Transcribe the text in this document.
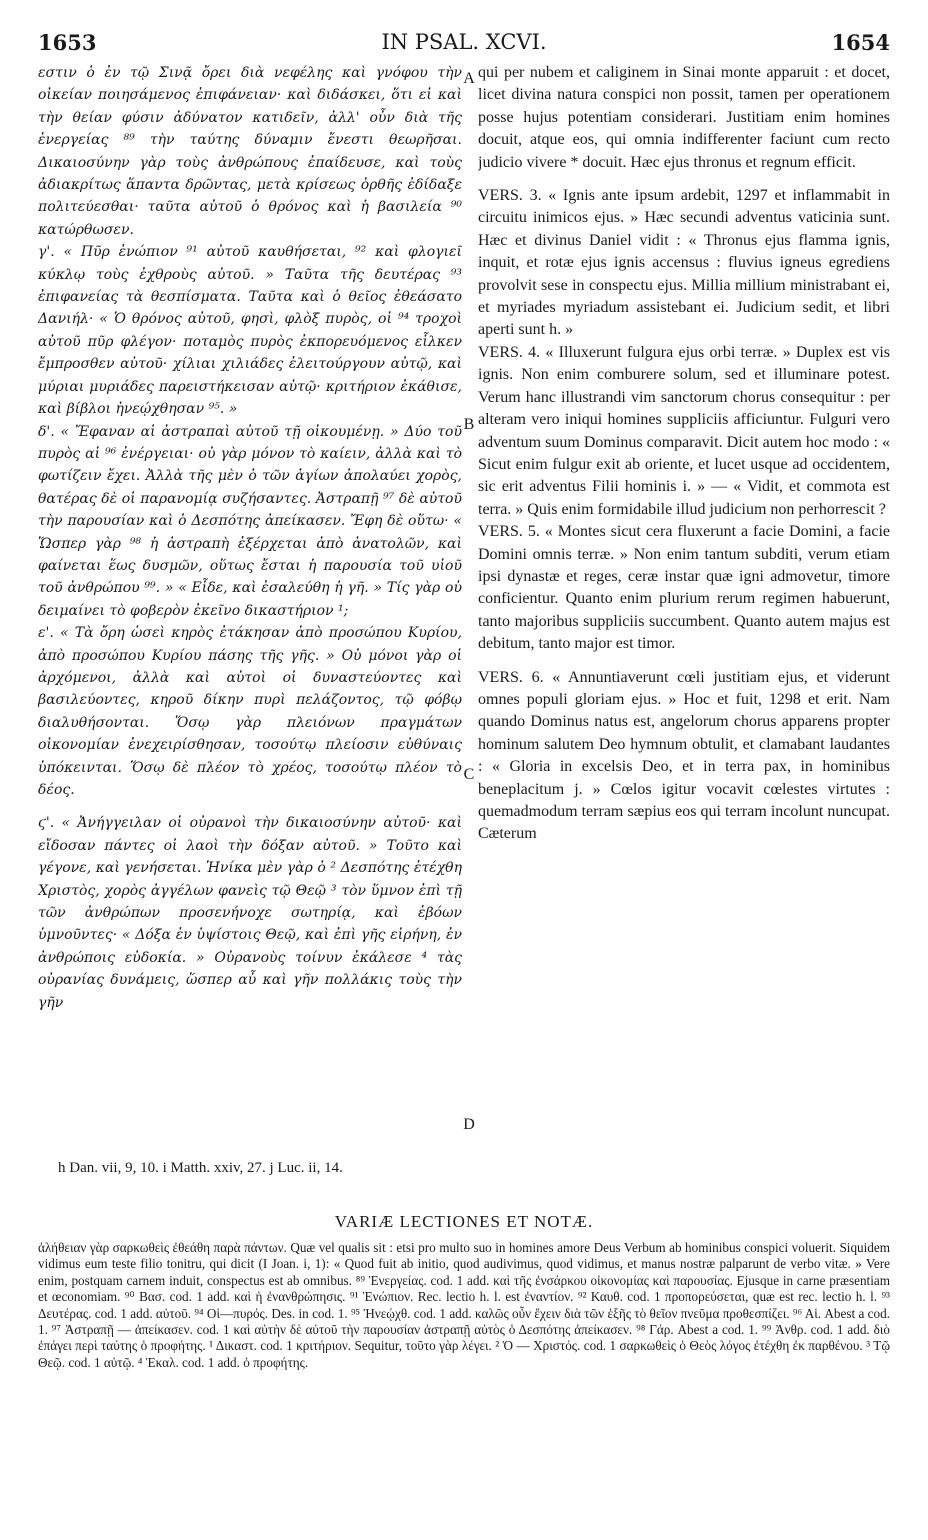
1653	IN PSAL. XCVI.	1654

εστιν ὁ ἐν τῷ Σινᾷ ὄρει διὰ νεφέλης καὶ γνόφου τὴν οἰκείαν ποιησάμενος ἐπιφάνειαν· καὶ διδάσκει, ὅτι εἰ καὶ τὴν θείαν φύσιν ἀδύνατον κατιδεῖν, ἀλλ' οὖν διὰ τῆς ἐνεργείας ⁸⁹ τὴν ταύτης δύναμιν ἔνεστι θεωρῆσαι. Δικαιοσύνην γὰρ τοὺς ἀνθρώπους ἐπαίδευσε, καὶ τοὺς ἀδιακρίτως ἅπαντα δρῶντας, μετὰ κρίσεως ὀρθῆς ἐδίδαξε πολιτεύεσθαι· ταῦτα αὐτοῦ ὁ θρόνος καὶ ἡ βασιλεία ⁹⁰ κατώρθωσεν.

γ'. « Πῦρ ἐνώπιον ⁹¹ αὐτοῦ καυθήσεται, ⁹² καὶ φλογιεῖ κύκλῳ τοὺς ἐχθροὺς αὐτοῦ. » Ταῦτα τῆς δευτέρας ⁹³ ἐπιφανείας τὰ θεσπίσματα. Ταῦτα καὶ ὁ θεῖος ἐθεάσατο Δανιήλ· « Ὁ θρόνος αὐτοῦ, φησὶ, φλὸξ πυρὸς, οἱ ⁹⁴ τροχοὶ αὐτοῦ πῦρ φλέγον· ποταμὸς πυρὸς ἐκπορευόμενος εἷλκεν ἔμπροσθεν αὐτοῦ· χίλιαι χιλιάδες ἐλειτούργουν αὐτῷ, καὶ μύριαι μυριάδες παρειστήκεισαν αὐτῷ· κριτήριον ἐκάθισε, καὶ βίβλοι ἠνεῴχθησαν ⁹⁵. »

δ'. « Ἔφαναν αἱ ἀστραπαὶ αὐτοῦ τῇ οἰκουμένῃ. » Δύο τοῦ πυρὸς αἱ ⁹⁶ ἐνέργειαι· οὐ γὰρ μόνον τὸ καίειν, ἀλλὰ καὶ τὸ φωτίζειν ἔχει. Ἀλλὰ τῆς μὲν ὁ τῶν ἁγίων ἀπολαύει χορὸς, θατέρας δὲ οἱ παρανομίᾳ συζήσαντες. Ἀστραπῇ ⁹⁷ δὲ αὐτοῦ τὴν παρουσίαν καὶ ὁ Δεσπότης ἀπείκασεν. Ἔφη δὲ οὕτω· « Ὥσπερ γὰρ ⁹⁸ ἡ ἀστραπὴ ἐξέρχεται ἀπὸ ἀνατολῶν, καὶ φαίνεται ἕως δυσμῶν, οὕτως ἔσται ἡ παρουσία τοῦ υἱοῦ τοῦ ἀνθρώπου ⁹⁹. » « Εἶδε, καὶ ἐσαλεύθη ἡ γῆ. » Τίς γὰρ οὐ δειμαίνει τὸ φοβερὸν ἐκεῖνο δικαστήριον ¹;

ε'. « Τὰ ὄρη ὡσεὶ κηρὸς ἐτάκησαν ἀπὸ προσώπου Κυρίου, ἀπὸ προσώπου Κυρίου πάσης τῆς γῆς. » Οὐ μόνοι γὰρ οἱ ἀρχόμενοι, ἀλλὰ καὶ αὐτοὶ οἱ δυναστεύοντες καὶ βασιλεύοντες, κηροῦ δίκην πυρὶ πελάζοντος, τῷ φόβῳ διαλυθήσονται. Ὅσῳ γὰρ πλειόνων πραγμάτων οἰκονομίαν ἐνεχειρίσθησαν, τοσούτῳ πλείοσιν εὐθύναις ὑπόκεινται. Ὅσῳ δὲ πλέον τὸ χρέος, τοσούτῳ πλέον τὸ δέος.

ϛ'. « Ἀνήγγειλαν οἱ οὐρανοὶ τὴν δικαιοσύνην αὐτοῦ· καὶ εἴδοσαν πάντες οἱ λαοὶ τὴν δόξαν αὐτοῦ. » Τοῦτο καὶ γέγονε, καὶ γενήσεται. Ἡνίκα μὲν γὰρ ὁ ² Δεσπότης ἐτέχθη Χριστὸς, χορὸς ἀγγέλων φανεὶς τῷ Θεῷ ³ τὸν ὕμνον ἐπὶ τῇ τῶν ἀνθρώπων προσενήνοχε σωτηρίᾳ, καὶ ἐβόων ὑμνοῦντες· « Δόξα ἐν ὑψίστοις Θεῷ, καὶ ἐπὶ γῆς εἰρήνη, ἐν ἀνθρώποις εὐδοκία. » Οὐρανοὺς τοίνυν ἐκάλεσε ⁴ τὰς οὐρανίας δυνάμεις, ὥσπερ αὖ καὶ γῆν πολλάκις τοὺς τὴν γῆν

A
B
C
D

qui per nubem et caliginem in Sinai monte apparuit : et docet, licet divina natura conspici non possit, tamen per operationem posse hujus potentiam considerari. Justitiam enim homines docuit, atque eos, qui omnia indifferenter faciunt cum recto judicio vivere * docuit. Hæc ejus thronus et regnum efficit.

VERS. 3. « Ignis ante ipsum ardebit, 1297 et inflammabit in circuitu inimicos ejus. » Hæc secundi adventus vaticinia sunt. Hæc et divinus Daniel vidit : « Thronus ejus flamma ignis, inquit, et rotæ ejus ignis accensus : fluvius igneus egrediens provolvit sese in conspectu ejus. Millia millium ministrabant ei, et myriades myriadum assistebant ei. Judicium sedit, et libri aperti sunt h. »

VERS. 4. « Illuxerunt fulgura ejus orbi terræ. » Duplex est vis ignis. Non enim comburere solum, sed et illuminare potest. Verum hanc illustrandi vim sanctorum chorus consequitur : per alteram vero iniqui homines suppliciis afficiuntur. Fulguri vero adventum suum Dominus comparavit. Dicit autem hoc modo : « Sicut enim fulgur exit ab oriente, et lucet usque ad occidentem, sic erit adventus Filii hominis i. » — « Vidit, et commota est terra. » Quis enim formidabile illud judicium non perhorrescit ?

VERS. 5. « Montes sicut cera fluxerunt a facie Domini, a facie Domini omnis terræ. » Non enim tantum subditi, verum etiam ipsi dynastæ et reges, ceræ instar quæ igni admovetur, timore conficientur. Quanto enim plurium rerum regimen habuerunt, tanto majoribus suppliciis succumbent. Quanto autem majus est debitum, tanto major est timor.

VERS. 6. « Annuntiaverunt cœli justitiam ejus, et viderunt omnes populi gloriam ejus. » Hoc et fuit, 1298 et erit. Nam quando Dominus natus est, angelorum chorus apparens propter hominum salutem Deo hymnum obtulit, et clamabant laudantes : « Gloria in excelsis Deo, et in terra pax, in hominibus beneplacitum j. » Cœlos igitur vocavit cœlestes virtutes : quemadmodum terram sæpius eos qui terram incolunt nuncupat. Cæterum

h Dan. vii, 9, 10. i Matth. xxiv, 27. j Luc. ii, 14.
VARIÆ LECTIONES ET NOTÆ.
ἀλήθειαν γὰρ σαρκωθεὶς ἐθεάθη παρὰ πάντων. Quæ vel qualis sit : etsi pro multo suo in homines amore Deus Verbum ab hominibus conspici voluerit. Siquidem vidimus eum teste filio tonitru, qui dicit (I Joan. i, 1): « Quod fuit ab initio, quod audivimus, quod vidimus, et manus nostræ palparunt de verbo vitæ. » Vere enim, postquam carnem induit, conspectus est ab omnibus. ⁸⁹ Ἐνεργείας. cod. 1 add. καὶ τῆς ἐνσάρκου οἰκονομίας καὶ παρουσίας. Ejusque in carne præsentiam et œconomiam. ⁹⁰ Βασ. cod. 1 add. καὶ ἡ ἐνανθρώπησις. ⁹¹ Ἐνώπιον. Rec. lectio h. l. est ἐναντίον. ⁹² Καυθ. cod. 1 προπορεύσεται, quæ est rec. lectio h. l. ⁹³ Δευτέρας. cod. 1 add. αὐτοῦ. ⁹⁴ Οἱ—πυρός. Des. in cod. 1. ⁹⁵ Ἠνεῴχθ. cod. 1 add. καλῶς οὖν ἔχειν διὰ τῶν ἑξῆς τὸ θεῖον πνεῦμα προθεσπίζει. ⁹⁶ Αἱ. Abest a cod. 1. ⁹⁷ Ἀστραπῇ — ἀπείκασεν. cod. 1 καὶ αὐτὴν δὲ αὐτοῦ τὴν παρουσίαν ἀστραπῇ αὐτὸς ὁ Δεσπότης ἀπείκασεν. ⁹⁸ Γάρ. Abest a cod. 1. ⁹⁹ Ἀνθρ. cod. 1 add. διὸ ἐπάγει περὶ ταύτης ὁ προφήτης. ¹ Δικαστ. cod. 1 κριτήριον. Sequitur, τοῦτο γὰρ λέγει. ² Ὁ — Χριστός. cod. 1 σαρκωθεὶς ὁ Θεὸς λόγος ἐτέχθη ἐκ παρθένου. ³ Τῷ Θεῷ. cod. 1 αὐτῷ. ⁴ Ἐκαλ. cod. 1 add. ὁ προφήτης.
